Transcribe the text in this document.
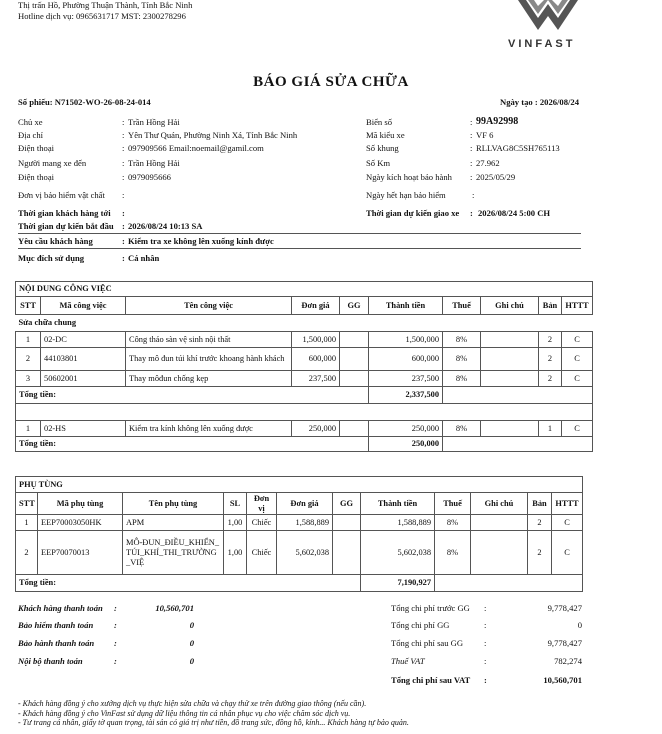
Thị trấn Hồ, Phường Thuận Thành, Tỉnh Bắc Ninh
Hotline dịch vụ: 0965631717 MST: 2300278296
VINFAST
BÁO GIÁ SỬA CHỮA
Số phiếu: N71502-WO-26-08-24-014	Ngày tạo : 2026/08/24
Chủ xe	: Trần Hồng Hải
Địa chỉ	: Yên Thư Quán, Phường Ninh Xá, Tỉnh Bắc Ninh
Điện thoại	: 097909566 Email:noemail@gamil.com
Người mang xe đến	: Trần Hồng Hải
Điện thoại	: 0979095666
Biển số	: 99A92998
Mã kiểu xe	: VF 6
Số khung	: RLLVAG8C5SH765113
Số Km	: 27.962
Ngày kích hoạt bảo hành : 2025/05/29
Đơn vị bảo hiểm vật chất :	Ngày hết hạn bảo hiểm	:
Thời gian khách hàng tới :	Thời gian dự kiến giao xe : 2026/08/24 5:00 CH
Thời gian dự kiến bắt đầu : 2026/08/24 10:13 SA
Yêu cầu khách hàng	: Kiểm tra xe không lên xuống kính được
Mục đích sử dụng	: Cá nhân
NỘI DUNG CÔNG VIỆC									
STT	Mã công việc	Tên công việc	Đơn giá	GG	Thành tiền	Thuế	Ghi chú	Bản	HTTT
Sửa chữa chung									
1	02-DC	Công tháo sàn vệ sinh nội thất	1,500,000		1,500,000	8%		2	C
2	44103801	Thay mô đun túi khí trước khoang hành khách	600,000		600,000	8%		2	C
3	50602001	Thay môđun chống kẹp	237,500		237,500	8%		2	C
Tổng tiền:					2,337,500				

1	02-HS	Kiểm tra kính không lên xuống được	250,000		250,000	8%		1	C
Tổng tiền:					250,000				
PHỤ TÙNG											
STT	Mã phụ tùng	Tên phụ tùng	SL	Đơn vị	Đơn giá	GG	Thành tiền	Thuế	Ghi chú	Bản	HTTT
1	EEP70003050HK	APM	1,00	Chiếc	1,588,889		1,588,889	8%		2	C
2	EEP70070013	MÔ-ĐUN_ĐIỀU_KHIỂN_TÚI_KHÍ_THI_TRƯỜNG_VIỆ	1,00	Chiếc	5,602,038		5,602,038	8%		2	C
Tổng tiền:							7,190,927				
Khách hàng thanh toán :	10,560,701
Bảo hiểm thanh toán :	0
Bảo hành thanh toán :	0
Nội bộ thanh toán	:	0
Tổng chi phí trước GG :	9,778,427
Tổng chi phí GG	:	0
Tổng chi phí sau GG :	9,778,427
Thuế VAT	:	782,274
Tổng chi phí sau VAT :	10,560,701
- Khách hàng đồng ý cho xưởng dịch vụ thực hiện sửa chữa và chạy thử xe trên đường giao thông (nếu cần).
- Khách hàng đồng ý cho VinFast sử dụng dữ liệu thông tin cá nhân phục vụ cho việc chăm sóc dịch vụ.
- Tư trang cá nhân, giấy tờ quan trọng, tài sản có giá trị như tiền, đồ trang sức, đồng hồ, kính... Khách hàng tự bảo quản.
